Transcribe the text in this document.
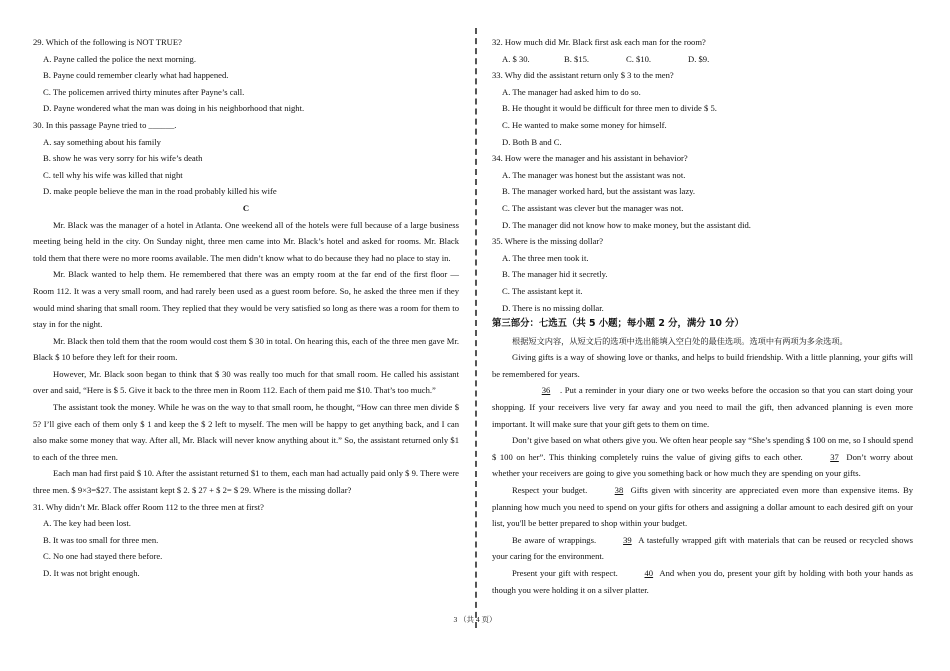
29. Which of the following is NOT TRUE?

A. Payne called the police the next morning.

B. Payne could remember clearly what had happened.

C. The policemen arrived thirty minutes after Payne’s call.

D. Payne wondered what the man was doing in his neighborhood that night.

30. In this passage Payne tried to ______.

A. say something about his family

B. show he was very sorry for his wife’s death

C. tell why his wife was killed that night

D. make people believe the man in the road probably killed his wife

C

Mr. Black was the manager of a hotel in Atlanta. One weekend all of the hotels were full because of a large business meeting being held in the city. On Sunday night, three men came into Mr. Black’s hotel and asked for rooms. Mr. Black told them that there were no more rooms available. The men didn’t know what to do because they had no place to stay in.

Mr. Black wanted to help them. He remembered that there was an empty room at the far end of the first floor — Room 112. It was a very small room, and had rarely been used as a guest room before. So, he asked the three men if they would mind sharing that small room. They replied that they would be very satisfied so long as there was a room for them to stay in for the night.

Mr. Black then told them that the room would cost them $ 30 in total. On hearing this, each of the three men gave Mr. Black $ 10 before they left for their room.

However, Mr. Black soon began to think that $ 30 was really too much for that small room. He called his assistant over and said, “Here is $ 5. Give it back to the three men in Room 112. Each of them paid me $10. That’s too much.”

The assistant took the money. While he was on the way to that small room, he thought, “How can three men divide $ 5? I’ll give each of them only $ 1 and keep the $ 2 left to myself. The men will be happy to get anything back, and I can also make some money that way. After all, Mr. Black will never know anything about it.” So, the assistant returned only $1 to each of the three men.

Each man had first paid $ 10. After the assistant returned $1 to them, each man had actually paid only $ 9. There were three men. $ 9×3=$27. The assistant kept $ 2. $ 27 + $ 2= $ 29. Where is the missing dollar?

31. Why didn’t Mr. Black offer Room 112 to the three men at first?

A. The key had been lost.

B. It was too small for three men.

C. No one had stayed there before.

D. It was not bright enough.

32. How much did Mr. Black first ask each man for the room?

A. $ 30.	B. $15.	C. $10.	D. $9.

33. Why did the assistant return only $ 3 to the men?

A. The manager had asked him to do so.

B. He thought it would be difficult for three men to divide $ 5.

C. He wanted to make some money for himself.

D. Both B and C.

34. How were the manager and his assistant in behavior?

A. The manager was honest but the assistant was not.

B. The manager worked hard, but the assistant was lazy.

C. The assistant was clever but the manager was not.

D. The manager did not know how to make money, but the assistant did.

35. Where is the missing dollar?

A. The three men took it.

B. The manager hid it secretly.

C. The assistant kept it.

D. There is no missing dollar.

第三部分：七选五（共 5 小题；每小题 2 分，满分 10 分）

根据短文内容，从短文后的选项中选出能填入空白处的最佳选项。选项中有两项为多余选项。

Giving gifts is a way of showing love or thanks, and helps to build friendship. With a little planning, your gifts will be remembered for years.

36 . Put a reminder in your diary one or two weeks before the occasion so that you can start doing your shopping. If your receivers live very far away and you need to mail the gift, then advanced planning is even more important. It will make sure that your gift gets to them on time.

Don’t give based on what others give you. We often hear people say “She’s spending $ 100 on me, so I should spend $ 100 on her”. This thinking completely ruins the value of giving gifts to each other.	37 Don’t worry about whether your receivers are going to give you something back or how much they are spending on your gifts.

Respect your budget.	38 Gifts given with sincerity are appreciated even more than expensive items. By planning how much you need to spend on your gifts for others and assigning a dollar amount to each desired gift on your list, you'll be better prepared to shop within your budget.

Be aware of wrappings.	39 A tastefully wrapped gift with materials that can be reused or recycled shows your caring for the environment.

Present your gift with respect.	40 And when you do, present your gift by holding with both your hands as though you were holding it on a silver platter.

3 （共 4 页）
